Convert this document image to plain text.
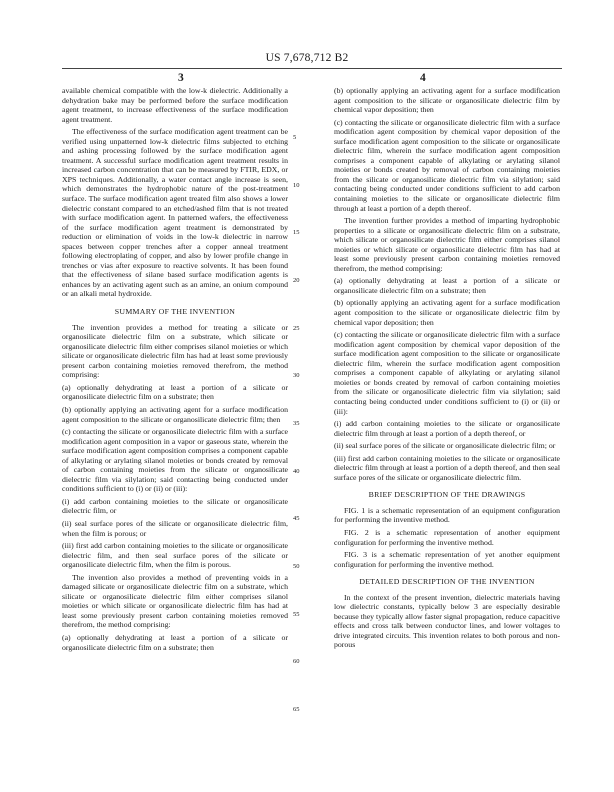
US 7,678,712 B2
3	4

available chemical compatible with the low-k dielectric. Additionally a dehydration bake may be performed before the surface modification agent treatment, to increase effectiveness of the surface modification agent treatment.

The effectiveness of the surface modification agent treatment can be verified using unpatterned low-k dielectric films subjected to etching and ashing processing followed by the surface modification agent treatment. A successful surface modification agent treatment results in increased carbon concentration that can be measured by FTIR, EDX, or XPS techniques. Additionally, a water contact angle increase is seen, which demonstrates the hydrophobic nature of the post-treatment surface. The surface modification agent treated film also shows a lower dielectric constant compared to an etched/ashed film that is not treated with surface modification agent. In patterned wafers, the effectiveness of the surface modification agent treatment is demonstrated by reduction or elimination of voids in the low-k dielectric in narrow spaces between copper trenches after a copper anneal treatment following electroplating of copper, and also by lower profile change in trenches or vias after exposure to reactive solvents. It has been found that the effectiveness of silane based surface modification agents is enhances by an activating agent such as an amine, an onium compound or an alkali metal hydroxide.

SUMMARY OF THE INVENTION

The invention provides a method for treating a silicate or organosilicate dielectric film on a substrate, which silicate or organosilicate dielectric film either comprises silanol moieties or which silicate or organosilicate dielectric film has had at least some previously present carbon containing moieties removed therefrom, the method comprising:

(a) optionally dehydrating at least a portion of a silicate or organosilicate dielectric film on a substrate; then

(b) optionally applying an activating agent for a surface modification agent composition to the silicate or organosilicate dielectric film; then

(c) contacting the silicate or organosilicate dielectric film with a surface modification agent composition in a vapor or gaseous state, wherein the surface modification agent composition comprises a component capable of alkylating or arylating silanol moieties or bonds created by removal of carbon containing moieties from the silicate or organosilicate dielectric film via silylation; said contacting being conducted under conditions sufficient to (i) or (ii) or (iii):

(i) add carbon containing moieties to the silicate or organosilicate dielectric film, or

(ii) seal surface pores of the silicate or organosilicate dielectric film, when the film is porous; or

(iii) first add carbon containing moieties to the silicate or organosilicate dielectric film, and then seal surface pores of the silicate or organosilicate dielectric film, when the film is porous.

The invention also provides a method of preventing voids in a damaged silicate or organosilicate dielectric film on a substrate, which silicate or organosilicate dielectric film either comprises silanol moieties or which silicate or organosilicate dielectric film has had at least some previously present carbon containing moieties removed therefrom, the method comprising:

(a) optionally dehydrating at least a portion of a silicate or organosilicate dielectric film on a substrate; then

5
10
15
20
25
30
35
40
45
50
55
60
65

(b) optionally applying an activating agent for a surface modification agent composition to the silicate or organosilicate dielectric film by chemical vapor deposition; then

(c) contacting the silicate or organosilicate dielectric film with a surface modification agent composition by chemical vapor deposition of the surface modification agent composition to the silicate or organosilicate dielectric film, wherein the surface modification agent composition comprises a component capable of alkylating or arylating silanol moieties or bonds created by removal of carbon containing moieties from the silicate or organosilicate dielectric film via silylation; said contacting being conducted under conditions sufficient to add carbon containing moieties to the silicate or organosilicate dielectric film through at least a portion of a depth thereof.

The invention further provides a method of imparting hydrophobic properties to a silicate or organosilicate dielectric film on a substrate, which silicate or organosilicate dielectric film either comprises silanol moieties or which silicate or organosilicate dielectric film has had at least some previously present carbon containing moieties removed therefrom, the method comprising:

(a) optionally dehydrating at least a portion of a silicate or organosilicate dielectric film on a substrate; then

(b) optionally applying an activating agent for a surface modification agent composition to the silicate or organosilicate dielectric film by chemical vapor deposition; then

(c) contacting the silicate or organosilicate dielectric film with a surface modification agent composition by chemical vapor deposition of the surface modification agent composition to the silicate or organosilicate dielectric film, wherein the surface modification agent composition comprises a component capable of alkylating or arylating silanol moieties or bonds created by removal of carbon containing moieties from the silicate or organosilicate dielectric film via silylation; said contacting being conducted under conditions sufficient to (i) or (ii) or (iii):

(i) add carbon containing moieties to the silicate or organosilicate dielectric film through at least a portion of a depth thereof, or

(ii) seal surface pores of the silicate or organosilicate dielectric film; or

(iii) first add carbon containing moieties to the silicate or organosilicate dielectric film through at least a portion of a depth thereof, and then seal surface pores of the silicate or organosilicate dielectric film.

BRIEF DESCRIPTION OF THE DRAWINGS

FIG. 1 is a schematic representation of an equipment configuration for performing the inventive method.

FIG. 2 is a schematic representation of another equipment configuration for performing the inventive method.

FIG. 3 is a schematic representation of yet another equipment configuration for performing the inventive method.

DETAILED DESCRIPTION OF THE INVENTION

In the context of the present invention, dielectric materials having low dielectric constants, typically below 3 are especially desirable because they typically allow faster signal propagation, reduce capacitive effects and cross talk between conductor lines, and lower voltages to drive integrated circuits. This invention relates to both porous and non-porous
